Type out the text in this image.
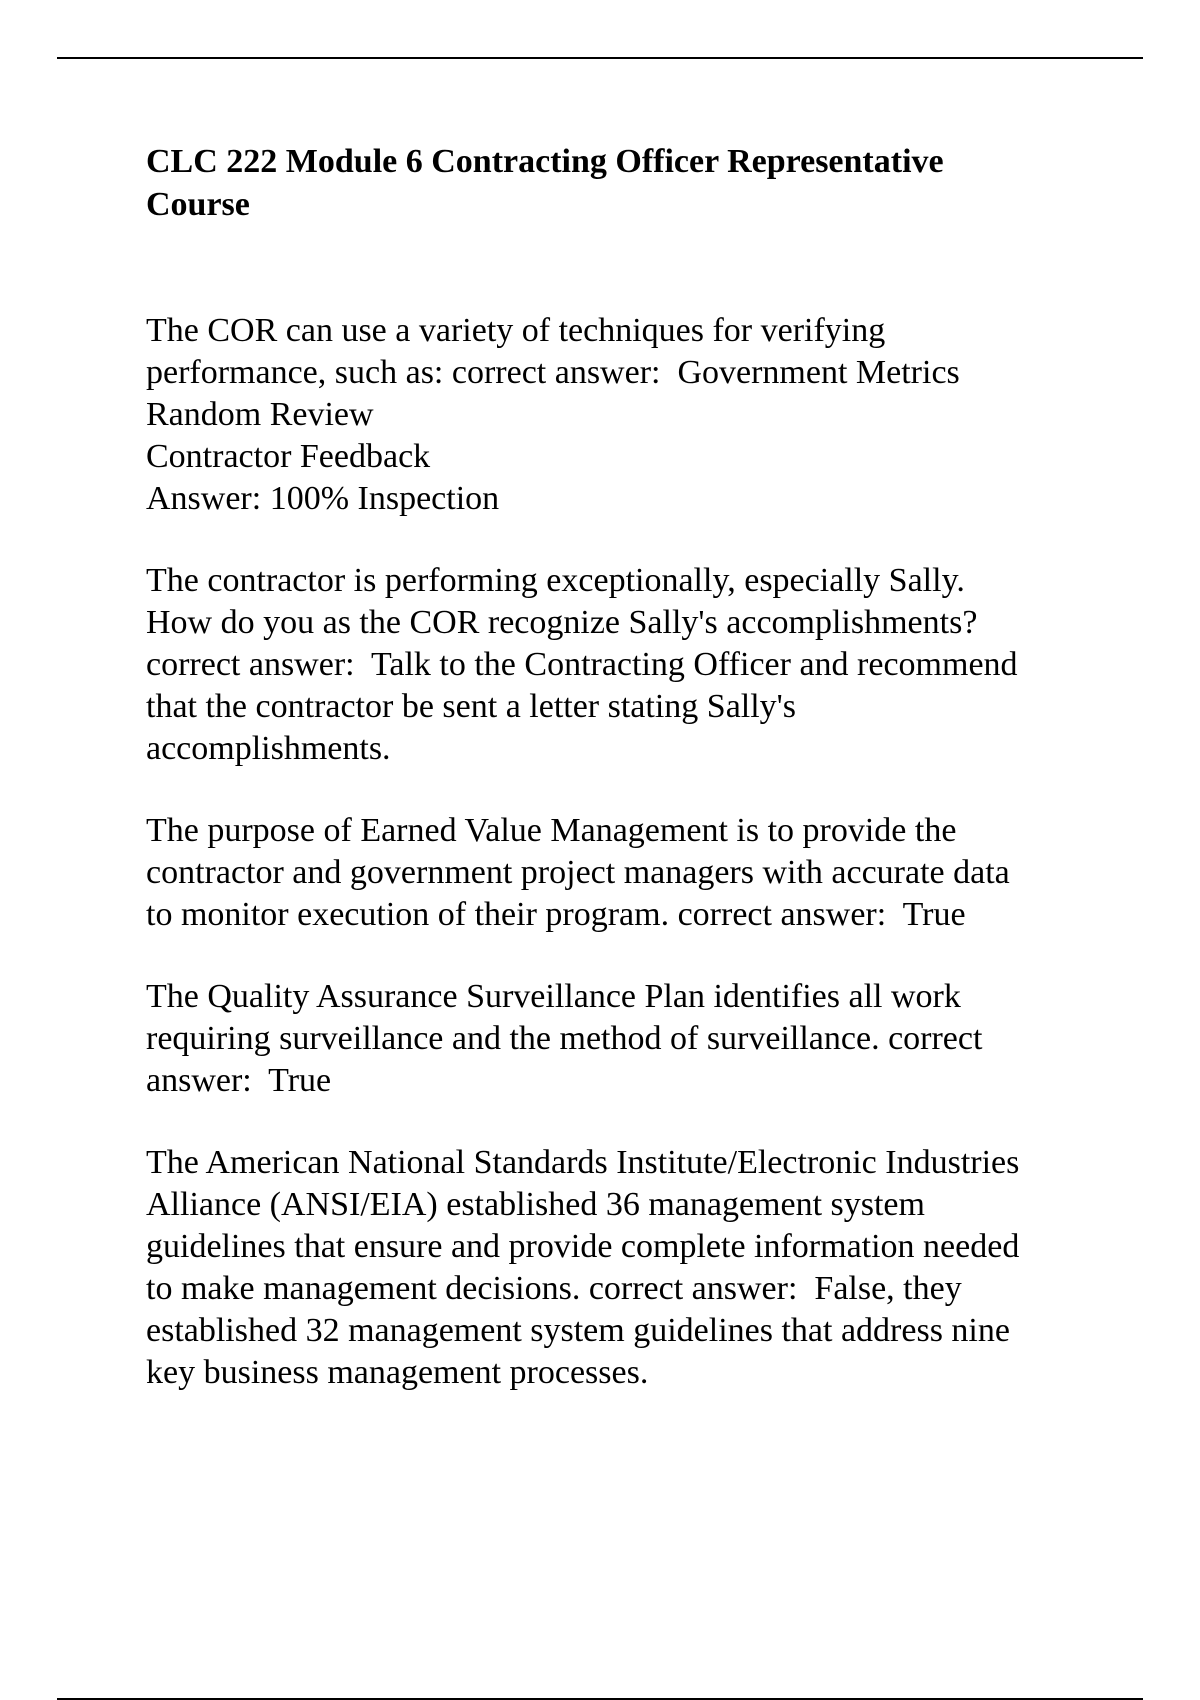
CLC 222 Module 6 Contracting Officer Representative
Course

The COR can use a variety of techniques for verifying
performance, such as: correct answer:  Government Metrics
Random Review
Contractor Feedback
Answer: 100% Inspection

The contractor is performing exceptionally, especially Sally.
How do you as the COR recognize Sally's accomplishments?
correct answer:  Talk to the Contracting Officer and recommend
that the contractor be sent a letter stating Sally's
accomplishments.

The purpose of Earned Value Management is to provide the
contractor and government project managers with accurate data
to monitor execution of their program. correct answer:  True

The Quality Assurance Surveillance Plan identifies all work
requiring surveillance and the method of surveillance. correct
answer:  True

The American National Standards Institute/Electronic Industries
Alliance (ANSI/EIA) established 36 management system
guidelines that ensure and provide complete information needed
to make management decisions. correct answer:  False, they
established 32 management system guidelines that address nine
key business management processes.
